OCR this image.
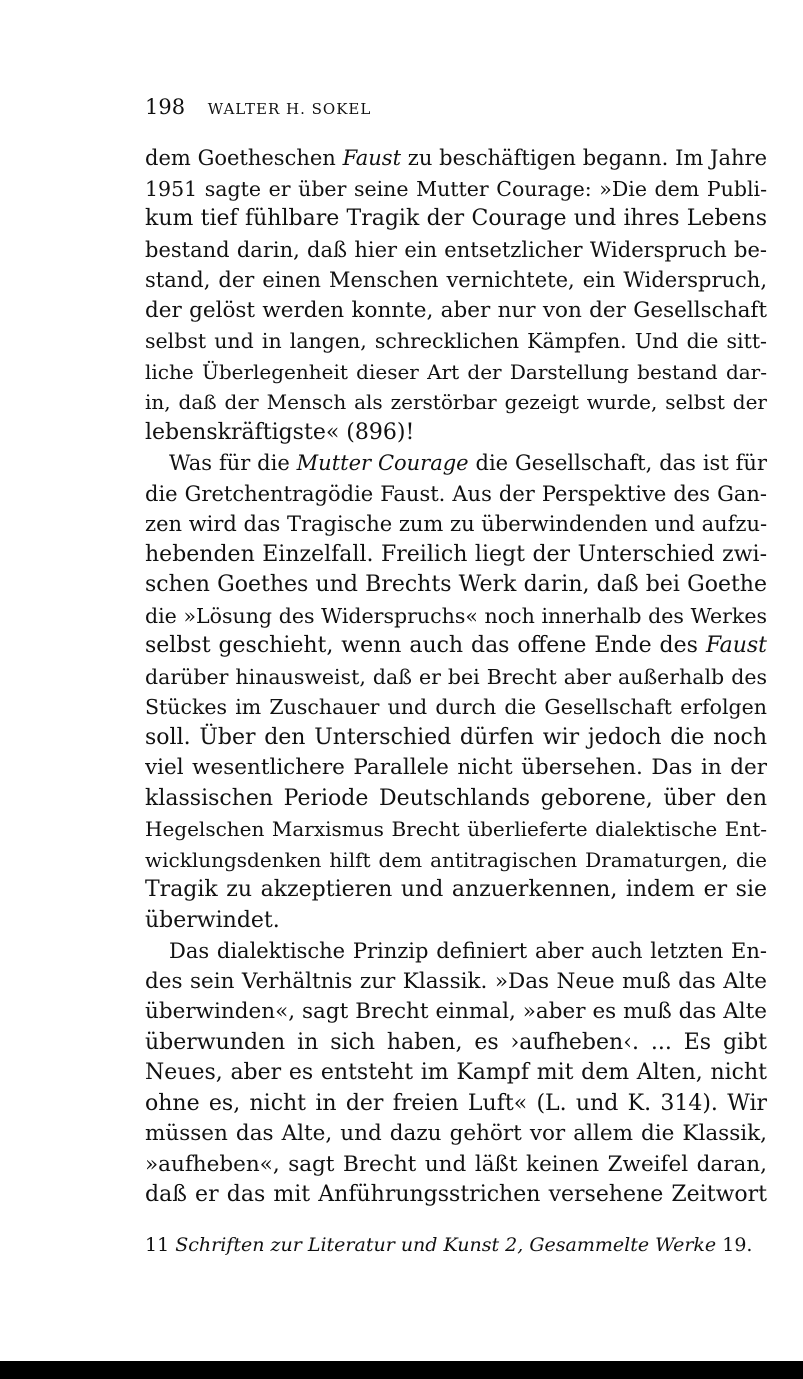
198 WALTER H. SOKEL
dem Goetheschen Faust zu beschäftigen begann. Im Jahre
1951 sagte er über seine Mutter Courage: »Die dem Publi-
kum tief fühlbare Tragik der Courage und ihres Lebens
bestand darin, daß hier ein entsetzlicher Widerspruch be-
stand, der einen Menschen vernichtete, ein Widerspruch,
der gelöst werden konnte, aber nur von der Gesellschaft
selbst und in langen, schrecklichen Kämpfen. Und die sitt-
liche Überlegenheit dieser Art der Darstellung bestand dar-
in, daß der Mensch als zerstörbar gezeigt wurde, selbst der
lebenskräftigste« (896)!
Was für die Mutter Courage die Gesellschaft, das ist für
die Gretchentragödie Faust. Aus der Perspektive des Gan-
zen wird das Tragische zum zu überwindenden und aufzu-
hebenden Einzelfall. Freilich liegt der Unterschied zwi-
schen Goethes und Brechts Werk darin, daß bei Goethe
die »Lösung des Widerspruchs« noch innerhalb des Werkes
selbst geschieht, wenn auch das offene Ende des Faust
darüber hinausweist, daß er bei Brecht aber außerhalb des
Stückes im Zuschauer und durch die Gesellschaft erfolgen
soll. Über den Unterschied dürfen wir jedoch die noch
viel wesentlichere Parallele nicht übersehen. Das in der
klassischen Periode Deutschlands geborene, über den
Hegelschen Marxismus Brecht überlieferte dialektische Ent-
wicklungsdenken hilft dem antitragischen Dramaturgen, die
Tragik zu akzeptieren und anzuerkennen, indem er sie
überwindet.
Das dialektische Prinzip definiert aber auch letzten En-
des sein Verhältnis zur Klassik. »Das Neue muß das Alte
überwinden«, sagt Brecht einmal, »aber es muß das Alte
überwunden in sich haben, es ›aufheben‹. ... Es gibt
Neues, aber es entsteht im Kampf mit dem Alten, nicht
ohne es, nicht in der freien Luft« (L. und K. 314). Wir
müssen das Alte, und dazu gehört vor allem die Klassik,
»aufheben«, sagt Brecht und läßt keinen Zweifel daran,
daß er das mit Anführungsstrichen versehene Zeitwort
11 Schriften zur Literatur und Kunst 2, Gesammelte Werke 19.
